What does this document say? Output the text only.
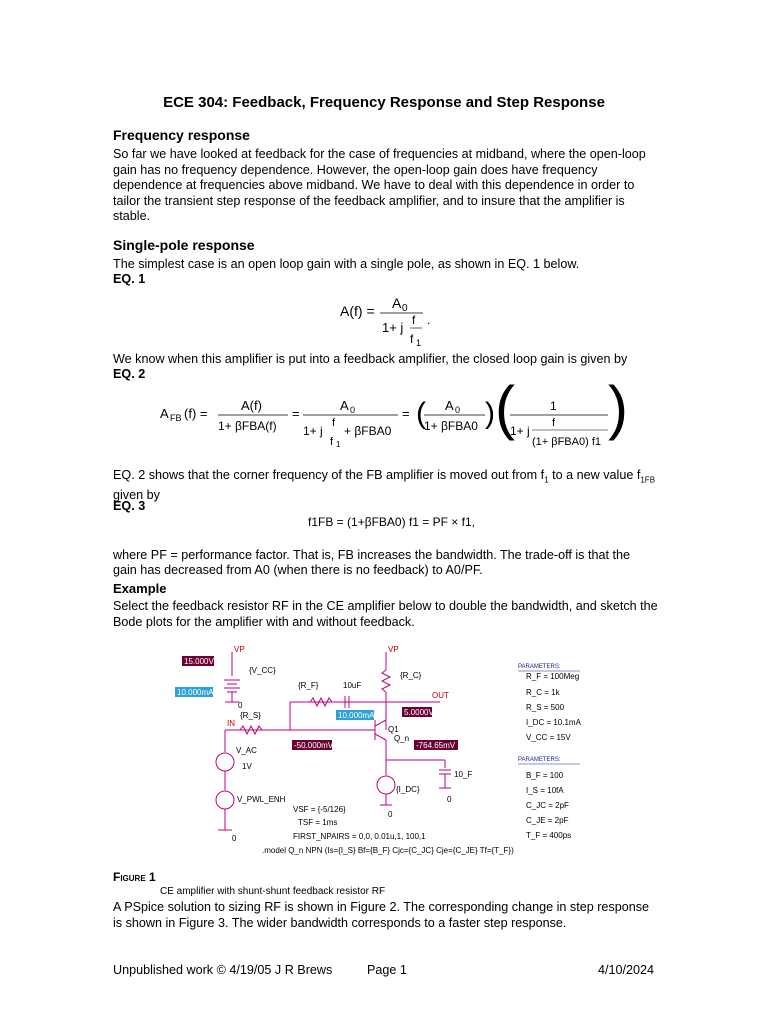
ECE 304: Feedback, Frequency Response and Step Response
Frequency response
So far we have looked at feedback for the case of frequencies at midband, where the open-loop gain has no frequency dependence. However, the open-loop gain does have frequency dependence at frequencies above midband. We have to deal with this dependence in order to tailor the transient step response of the feedback amplifier, and to insure that the amplifier is stable.
Single-pole response
The simplest case is an open loop gain with a single pole, as shown in EQ. 1 below.
EQ. 1
A(f) = A 0
1+ j f
f 1
.
We know when this amplifier is put into a feedback amplifier, the closed loop gain is given by
EQ. 2
A FB (f) =
A(f)
1+ βFBA(f)
=
A 0
1+ j
f
f 1
+ βFBA0
= ( A 0
1+ βFBA0 ) (	1
1+ j
f
(1+ βFBA0) f1
)
EQ. 2 shows that the corner frequency of the FB amplifier is moved out from $f_1$ to a new value $f_{1FB}$
given by
EQ. 3
f1FB = (1+βFBA0) f1 = PF × f1,
where PF = performance factor. That is, FB increases the bandwidth. The trade-off is that the
gain has decreased from A0 (when there is no feedback) to A0/PF.
Example
Select the feedback resistor RF in the CE amplifier below to double the bandwidth, and sketch the Bode plots for the amplifier with and without feedback.
VP	VP
15.000V
{V_CC}
10.000mA
0
{R_F}	10uF
{R_C}
OUT
IN
{R_S}	10.000mA	5.0000V
Q1
Q_n
-50.000mV	-764.65mV
V_AC
1V
{I_DC}
10_F
0
0
V_PWL_ENH
0
VSF = {-5/126}
TSF = 1ms
FIRST_NPAIRS = 0,0, 0.01u,1, 100,1
.model Q_n NPN (Is={I_S} Bf={B_F} Cjc={C_JC} Cje={C_JE} Tf={T_F})
PARAMETERS:
R_F = 100Meg
R_C = 1k
R_S = 500
I_DC = 10.1mA
V_CC = 15V
PARAMETERS:
B_F = 100
I_S = 10fA
C_JC = 2pF
C_JE = 2pF
T_F = 400ps
Figure 1
CE amplifier with shunt-shunt feedback resistor RF
A PSpice solution to sizing RF is shown in Figure 2. The corresponding change in step response is shown in Figure 3. The wider bandwidth corresponds to a faster step response.
Unpublished work © 4/19/05 J R Brews	Page 1	4/10/2024
